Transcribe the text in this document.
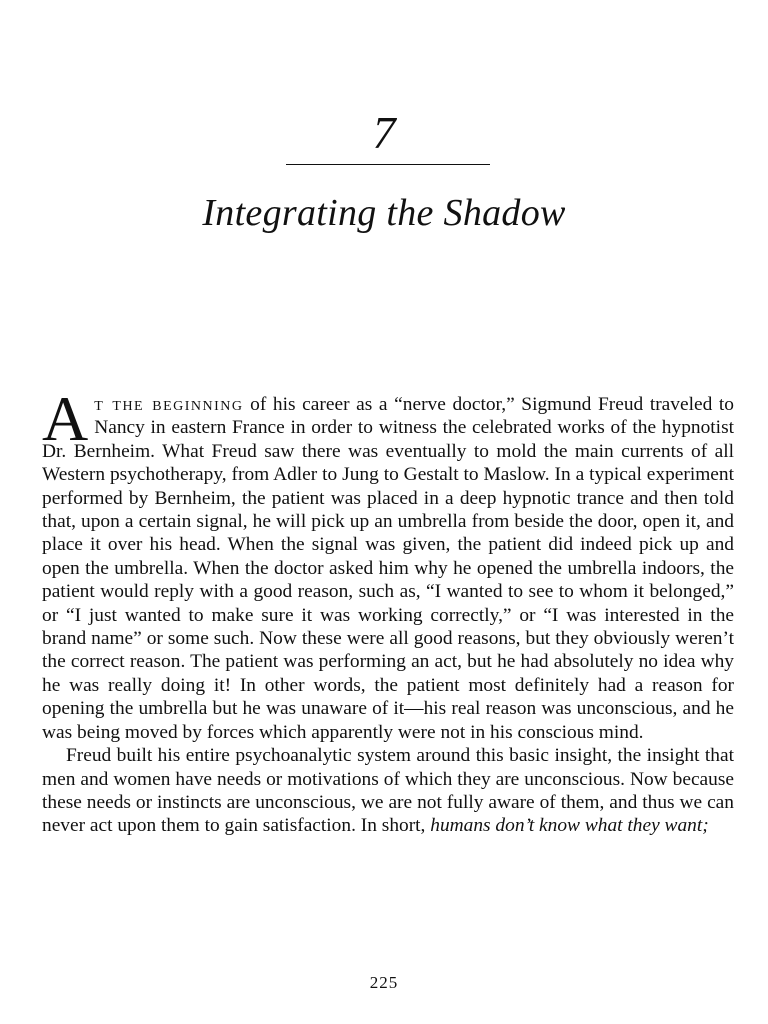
7
Integrating the Shadow

At the beginning of his career as a “nerve doctor,” Sigmund Freud traveled to Nancy in eastern France in order to witness the celebrated works of the hypnotist Dr. Bernheim. What Freud saw there was eventually to mold the main currents of all Western psychotherapy, from Adler to Jung to Gestalt to Maslow. In a typical experiment performed by Bernheim, the patient was placed in a deep hypnotic trance and then told that, upon a certain signal, he will pick up an umbrella from beside the door, open it, and place it over his head. When the signal was given, the patient did indeed pick up and open the umbrella. When the doctor asked him why he opened the umbrella indoors, the patient would reply with a good reason, such as, “I wanted to see to whom it belonged,” or “I just wanted to make sure it was working correctly,” or “I was interested in the brand name” or some such. Now these were all good reasons, but they obviously weren’t the correct reason. The patient was performing an act, but he had absolutely no idea why he was really doing it! In other words, the patient most definitely had a reason for opening the umbrella but he was unaware of it—his real reason was unconscious, and he was being moved by forces which apparently were not in his conscious mind.

Freud built his entire psychoanalytic system around this basic insight, the insight that men and women have needs or motivations of which they are unconscious. Now because these needs or instincts are unconscious, we are not fully aware of them, and thus we can never act upon them to gain satisfaction. In short, humans don’t know what they want;

225
